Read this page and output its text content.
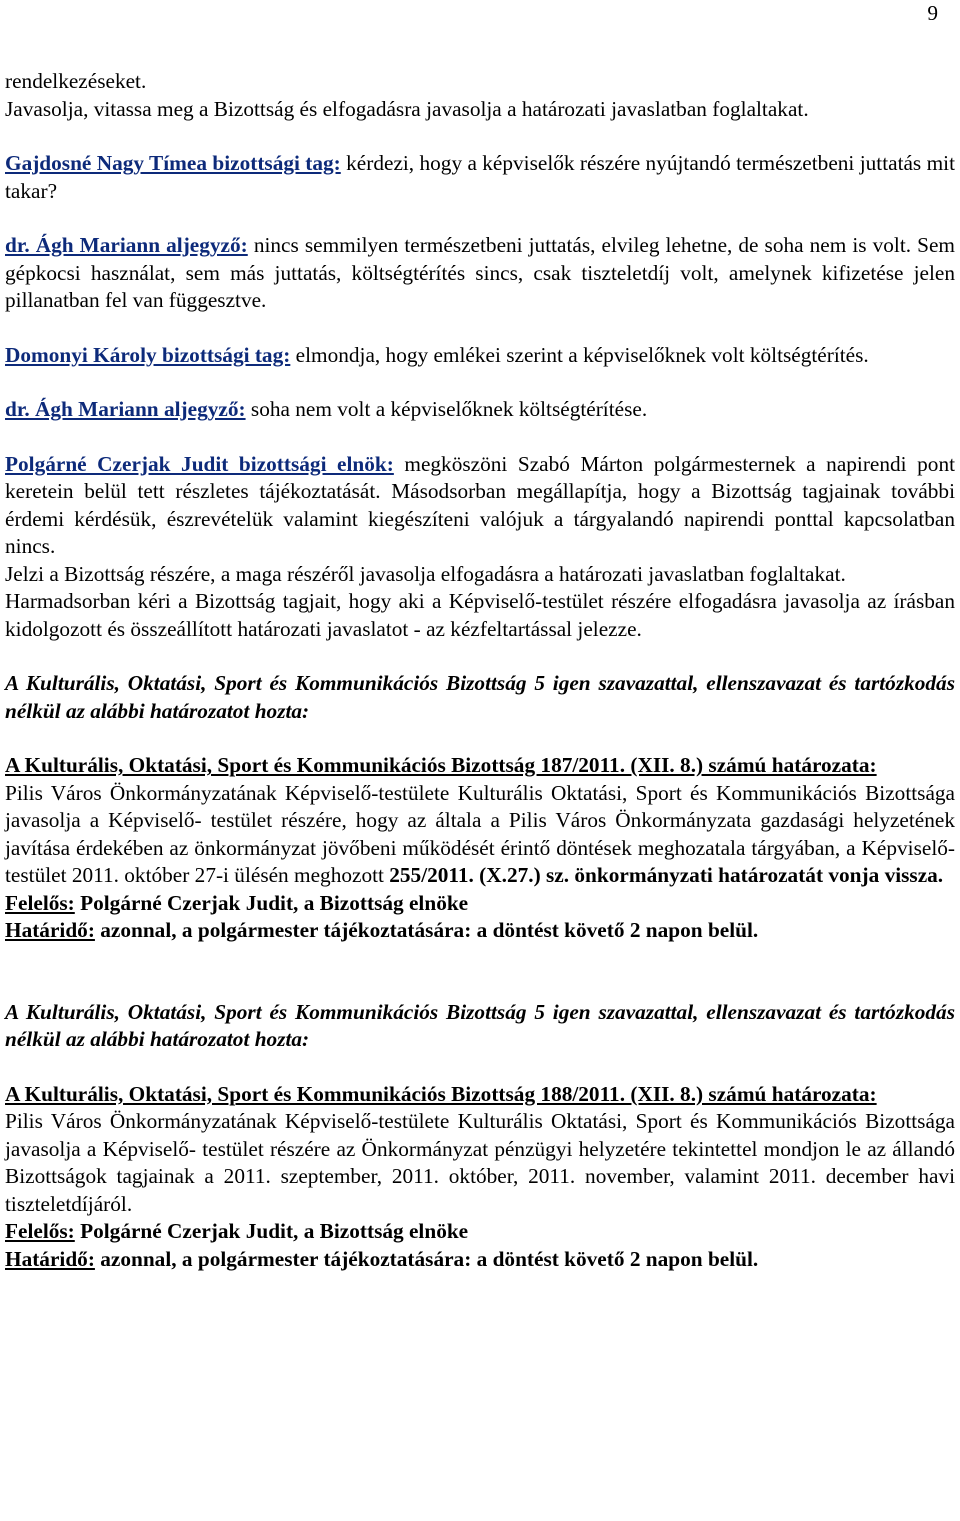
9

rendelkezéseket.

Javasolja, vitassa meg a Bizottság és elfogadásra javasolja a határozati javaslatban foglaltakat.

Gajdosné Nagy Tímea bizottsági tag: kérdezi, hogy a képviselők részére nyújtandó természetbeni juttatás mit takar?

dr. Ágh Mariann aljegyző: nincs semmilyen természetbeni juttatás, elvileg lehetne, de soha nem is volt. Sem gépkocsi használat, sem más juttatás, költségtérítés sincs, csak tiszteletdíj volt, amelynek kifizetése jelen pillanatban fel van függesztve.

Domonyi Károly bizottsági tag: elmondja, hogy emlékei szerint a képviselőknek volt költségtérítés.

dr. Ágh Mariann aljegyző: soha nem volt a képviselőknek költségtérítése.

Polgárné Czerjak Judit bizottsági elnök: megköszöni Szabó Márton polgármesternek a napirendi pont keretein belül tett részletes tájékoztatását. Másodsorban megállapítja, hogy a Bizottság tagjainak további érdemi kérdésük, észrevételük valamint kiegészíteni valójuk a tárgyalandó napirendi ponttal kapcsolatban nincs.

Jelzi a Bizottság részére, a maga részéről javasolja elfogadásra a határozati javaslatban foglaltakat.

Harmadsorban kéri a Bizottság tagjait, hogy aki a Képviselő-testület részére elfogadásra javasolja az írásban kidolgozott és összeállított határozati javaslatot - az kézfeltartással jelezze.

A Kulturális, Oktatási, Sport és Kommunikációs Bizottság 5 igen szavazattal, ellenszavazat és tartózkodás nélkül az alábbi határozatot hozta:

A Kulturális, Oktatási, Sport és Kommunikációs Bizottság 187/2011. (XII. 8.) számú határozata:

Pilis Város Önkormányzatának Képviselő-testülete Kulturális Oktatási, Sport és Kommunikációs Bizottsága javasolja a Képviselő- testület részére, hogy az általa a Pilis Város Önkormányzata gazdasági helyzetének javítása érdekében az önkormányzat jövőbeni működését érintő döntések meghozatala tárgyában, a Képviselő-testület 2011. október 27-i ülésén meghozott 255/2011. (X.27.) sz. önkormányzati határozatát vonja vissza.

Felelős: Polgárné Czerjak Judit, a Bizottság elnöke

Határidő: azonnal, a polgármester tájékoztatására: a döntést követő 2 napon belül.

A Kulturális, Oktatási, Sport és Kommunikációs Bizottság 5 igen szavazattal, ellenszavazat és tartózkodás nélkül az alábbi határozatot hozta:

A Kulturális, Oktatási, Sport és Kommunikációs Bizottság 188/2011. (XII. 8.) számú határozata:

Pilis Város Önkormányzatának Képviselő-testülete Kulturális Oktatási, Sport és Kommunikációs Bizottsága javasolja a Képviselő- testület részére az Önkormányzat pénzügyi helyzetére tekintettel mondjon le az állandó Bizottságok tagjainak a 2011. szeptember, 2011. október, 2011. november, valamint 2011. december havi tiszteletdíjáról.

Felelős: Polgárné Czerjak Judit, a Bizottság elnöke

Határidő: azonnal, a polgármester tájékoztatására: a döntést követő 2 napon belül.
